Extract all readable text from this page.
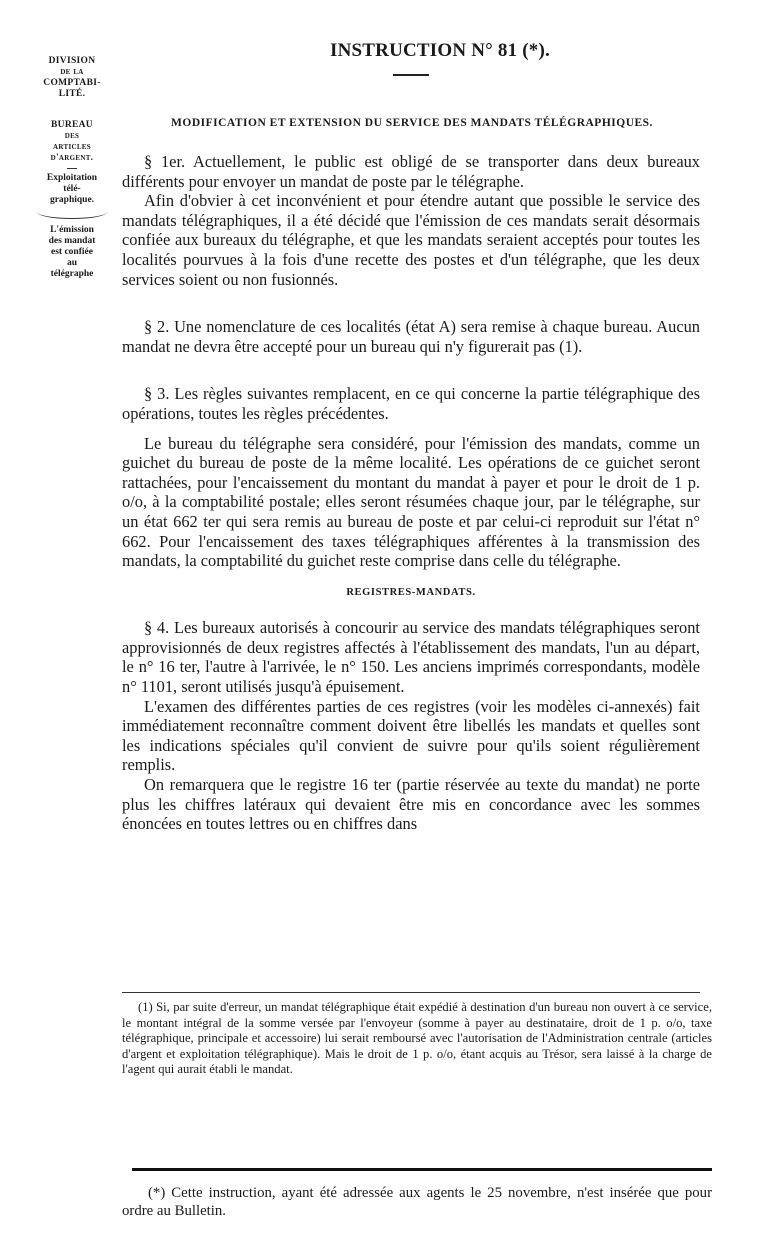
DIVISION
de la
COMPTABI-
LITÉ.
BUREAU
des
articles
d'argent.
Exploitation
télé-
graphique.
L'émission
des mandat
est confiée
au
télégraphe
INSTRUCTION N° 81 (*).
MODIFICATION ET EXTENSION DU SERVICE DES MANDATS TÉLÉGRAPHIQUES.

§ 1er. Actuellement, le public est obligé de se transporter dans deux bureaux différents pour envoyer un mandat de poste par le télégraphe.

Afin d'obvier à cet inconvénient et pour étendre autant que possible le service des mandats télégraphiques, il a été décidé que l'émission de ces mandats serait désormais confiée aux bureaux du télégraphe, et que les mandats seraient acceptés pour toutes les localités pourvues à la fois d'une recette des postes et d'un télégraphe, que les deux services soient ou non fusionnés.

§ 2. Une nomenclature de ces localités (état A) sera remise à chaque bureau. Aucun mandat ne devra être accepté pour un bureau qui n'y figurerait pas (1).

§ 3. Les règles suivantes remplacent, en ce qui concerne la partie télégraphique des opérations, toutes les règles précédentes.

Le bureau du télégraphe sera considéré, pour l'émission des mandats, comme un guichet du bureau de poste de la même localité. Les opérations de ce guichet seront rattachées, pour l'encaissement du montant du mandat à payer et pour le droit de 1 p. o/o, à la comptabilité postale; elles seront résumées chaque jour, par le télégraphe, sur un état 662 ter qui sera remis au bureau de poste et par celui-ci reproduit sur l'état n° 662. Pour l'encaissement des taxes télégraphiques afférentes à la transmission des mandats, la comptabilité du guichet reste comprise dans celle du télégraphe.

REGISTRES-MANDATS.

§ 4. Les bureaux autorisés à concourir au service des mandats télégraphiques seront approvisionnés de deux registres affectés à l'établissement des mandats, l'un au départ, le n° 16 ter, l'autre à l'arrivée, le n° 150. Les anciens imprimés correspondants, modèle n° 1101, seront utilisés jusqu'à épuisement.

L'examen des différentes parties de ces registres (voir les modèles ci-annexés) fait immédiatement reconnaître comment doivent être libellés les mandats et quelles sont les indications spéciales qu'il convient de suivre pour qu'ils soient régulièrement remplis.

On remarquera que le registre 16 ter (partie réservée au texte du mandat) ne porte plus les chiffres latéraux qui devaient être mis en concordance avec les sommes énoncées en toutes lettres ou en chiffres dans

(1) Si, par suite d'erreur, un mandat télégraphique était expédié à destination d'un bureau non ouvert à ce service, le montant intégral de la somme versée par l'envoyeur (somme à payer au destinataire, droit de 1 p. o/o, taxe télégraphique, principale et accessoire) lui serait remboursé avec l'autorisation de l'Administration centrale (articles d'argent et exploitation télégraphique). Mais le droit de 1 p. o/o, étant acquis au Trésor, sera laissé à la charge de l'agent qui aurait établi le mandat.

(*) Cette instruction, ayant été adressée aux agents le 25 novembre, n'est insérée que pour ordre au Bulletin.
